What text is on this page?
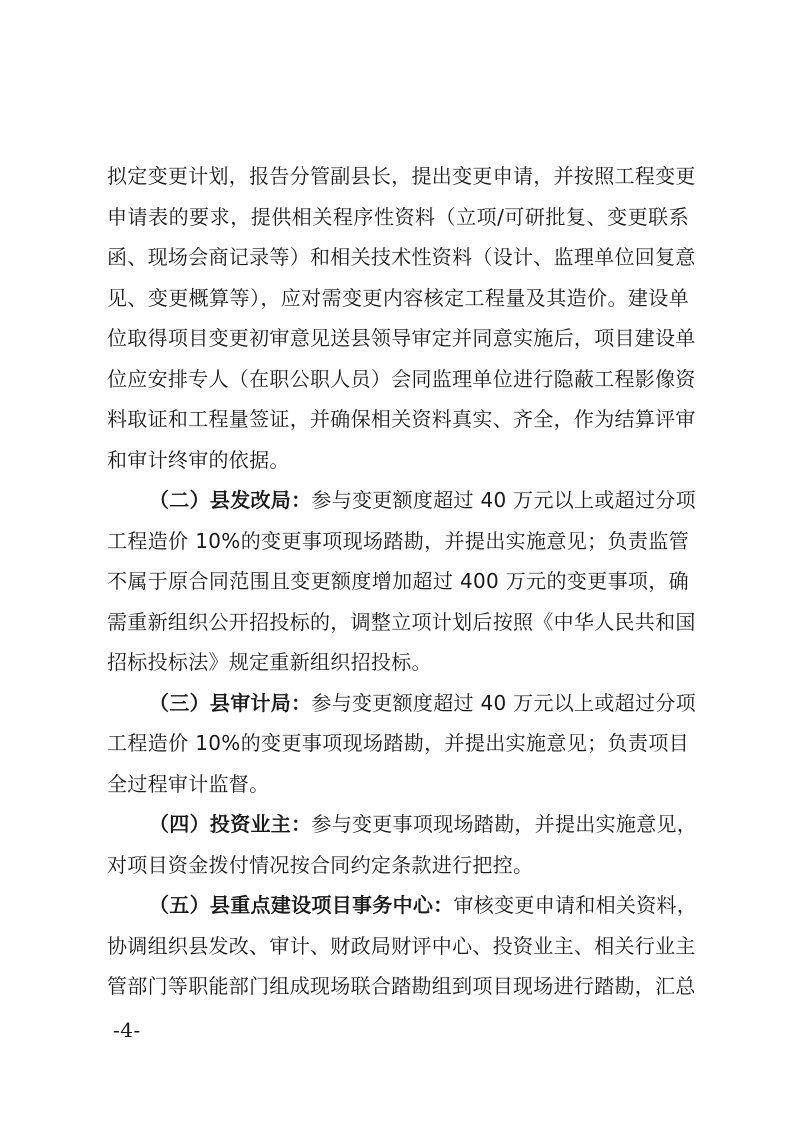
拟定变更计划，报告分管副县长，提出变更申请，并按照工程变更
申请表的要求，提供相关程序性资料（立项/可研批复、变更联系
函、现场会商记录等）和相关技术性资料（设计、监理单位回复意
见、变更概算等），应对需变更内容核定工程量及其造价。建设单
位取得项目变更初审意见送县领导审定并同意实施后，项目建设单
位应安排专人（在职公职人员）会同监理单位进行隐蔽工程影像资
料取证和工程量签证，并确保相关资料真实、齐全，作为结算评审
和审计终审的依据。
（二）县发改局：参与变更额度超过 40 万元以上或超过分项
工程造价 10%的变更事项现场踏勘，并提出实施意见；负责监管
不属于原合同范围且变更额度增加超过 400 万元的变更事项，确
需重新组织公开招投标的，调整立项计划后按照《中华人民共和国
招标投标法》规定重新组织招投标。
（三）县审计局：参与变更额度超过 40 万元以上或超过分项
工程造价 10%的变更事项现场踏勘，并提出实施意见；负责项目
全过程审计监督。
（四）投资业主：参与变更事项现场踏勘，并提出实施意见，
对项目资金拨付情况按合同约定条款进行把控。
（五）县重点建设项目事务中心：审核变更申请和相关资料，
协调组织县发改、审计、财政局财评中心、投资业主、相关行业主
管部门等职能部门组成现场联合踏勘组到项目现场进行踏勘，汇总
-4-
